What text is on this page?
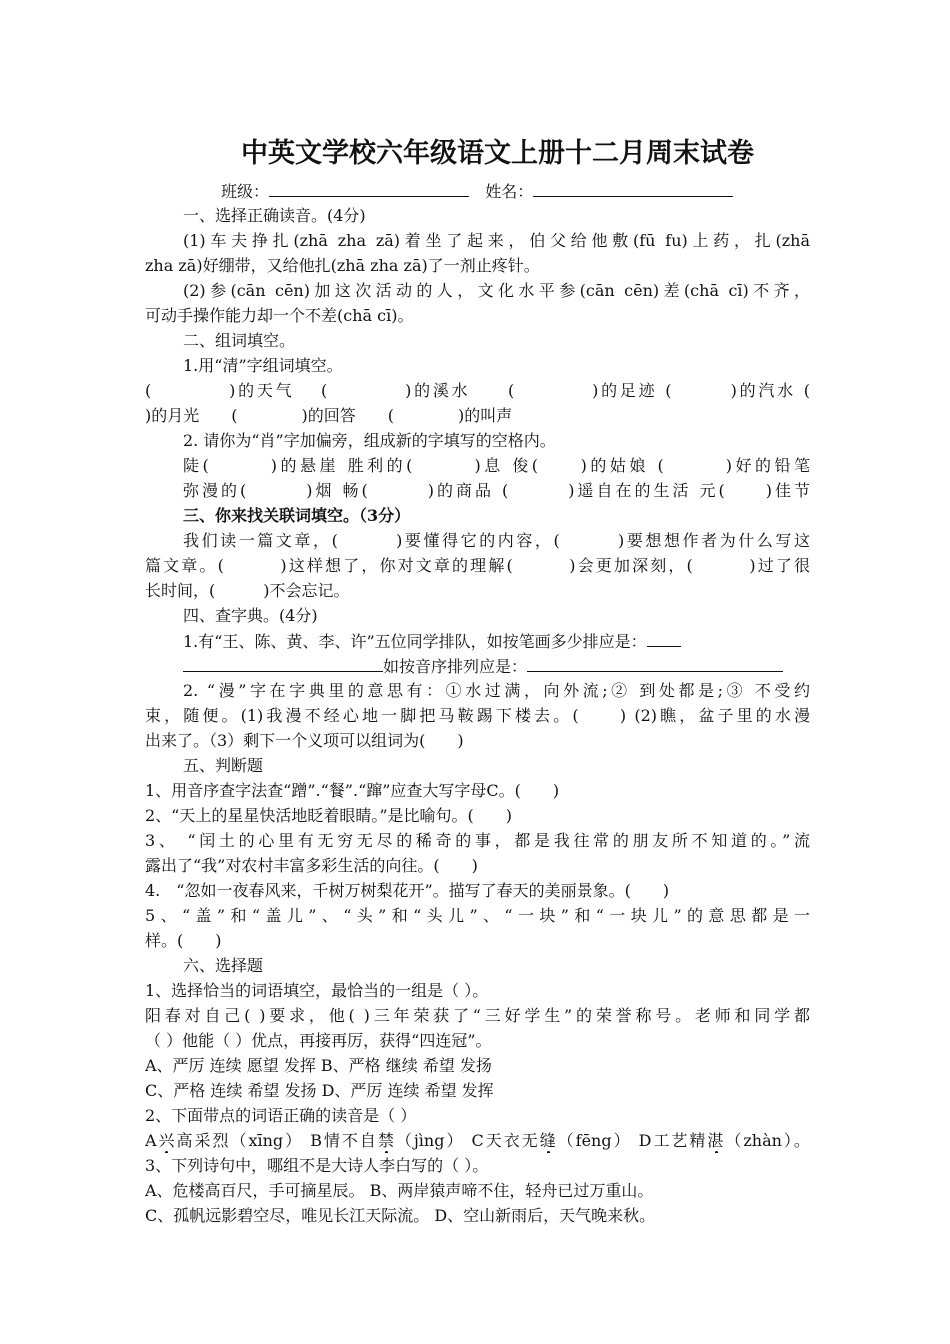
中英文学校六年级语文上册十二月周末试卷
班级：	姓名：
一、选择正确读音。(4分)
(1)车夫挣扎(zhā zha zā)着坐了起来，伯父给他敷(fū fu)上药，扎(zhā
zha zā)好绷带，又给他扎(zhā zha zā)了一剂止疼针。
(2)参(cān cēn)加这次活动的人，文化水平参(cān cēn)差(chā cī)不齐，
可动手操作能力却一个不差(chā cī)。
二、组词填空。
1.用“清”字组词填空。
(　　　　)的天气　 (　　　　)的溪水　　(　　　　)的足迹 (　　　)的汽水 (
)的月光　　(　　　　)的回答　　(　　　　)的叫声
2. 请你为“肖”字加偏旁，组成新的字填写的空格内。
陡(　　　)的悬崖 胜利的(　　　)息 俊(　　)的姑娘 (　　　)好的铅笔
弥漫的(　　　)烟 畅(　　　)的商品 (　　　)遥自在的生活 元(　　)佳节
三、你来找关联词填空。（3分）
我们读一篇文章，(　　　)要懂得它的内容，(　　　)要想想作者为什么写这
篇文章。(　　　)这样想了，你对文章的理解(　　　)会更加深刻，(　　　)过了很
长时间，(　　　)不会忘记。
四、查字典。(4分)
1.有“王、陈、黄、李、许”五位同学排队，如按笔画多少排应是：
如按音序排列应是：
2. “漫”字在字典里的意思有：①水过满，向外流;② 到处都是;③ 不受约
束，随便。(1)我漫不经心地一脚把马鞍踢下楼去。(　　) (2)瞧，盆子里的水漫
出来了。（3）剩下一个义项可以组词为(　　)
五、判断题
1、用音序查字法查“蹭”.“餐”.“蹿”应查大写字母C。(　　)
2、“天上的星星快活地眨着眼睛。”是比喻句。(　　)
3、 “闰土的心里有无穷无尽的稀奇的事，都是我往常的朋友所不知道的。”流
露出了“我”对农村丰富多彩生活的向往。(　　)
4.　“忽如一夜春风来，千树万树梨花开”。描写了春天的美丽景象。(　　)
5、“盖”和“盖儿”、“头”和“头儿”、“一块”和“一块儿”的意思都是一
样。(　　)
六、选择题
1、选择恰当的词语填空，最恰当的一组是（ ）。
阳春对自己( )要求，他( )三年荣获了“三好学生”的荣誉称号。老师和同学都
（ ）他能（ ）优点，再接再厉，获得“四连冠”。
A、严厉 连续 愿望 发挥 B、严格 继续 希望 发扬
C、严格 连续 希望 发扬 D、严厉 连续 希望 发挥
2、下面带点的词语正确的读音是（ ）
A兴高采烈（xīng） B情不自禁（jìng） C天衣无缝（fēng） D工艺精湛（zhàn）。
3、下列诗句中，哪组不是大诗人李白写的（ ）。
A、危楼高百尺，手可摘星辰。 B、两岸猿声啼不住，轻舟已过万重山。
C、孤帆远影碧空尽，唯见长江天际流。 D、空山新雨后，天气晚来秋。
